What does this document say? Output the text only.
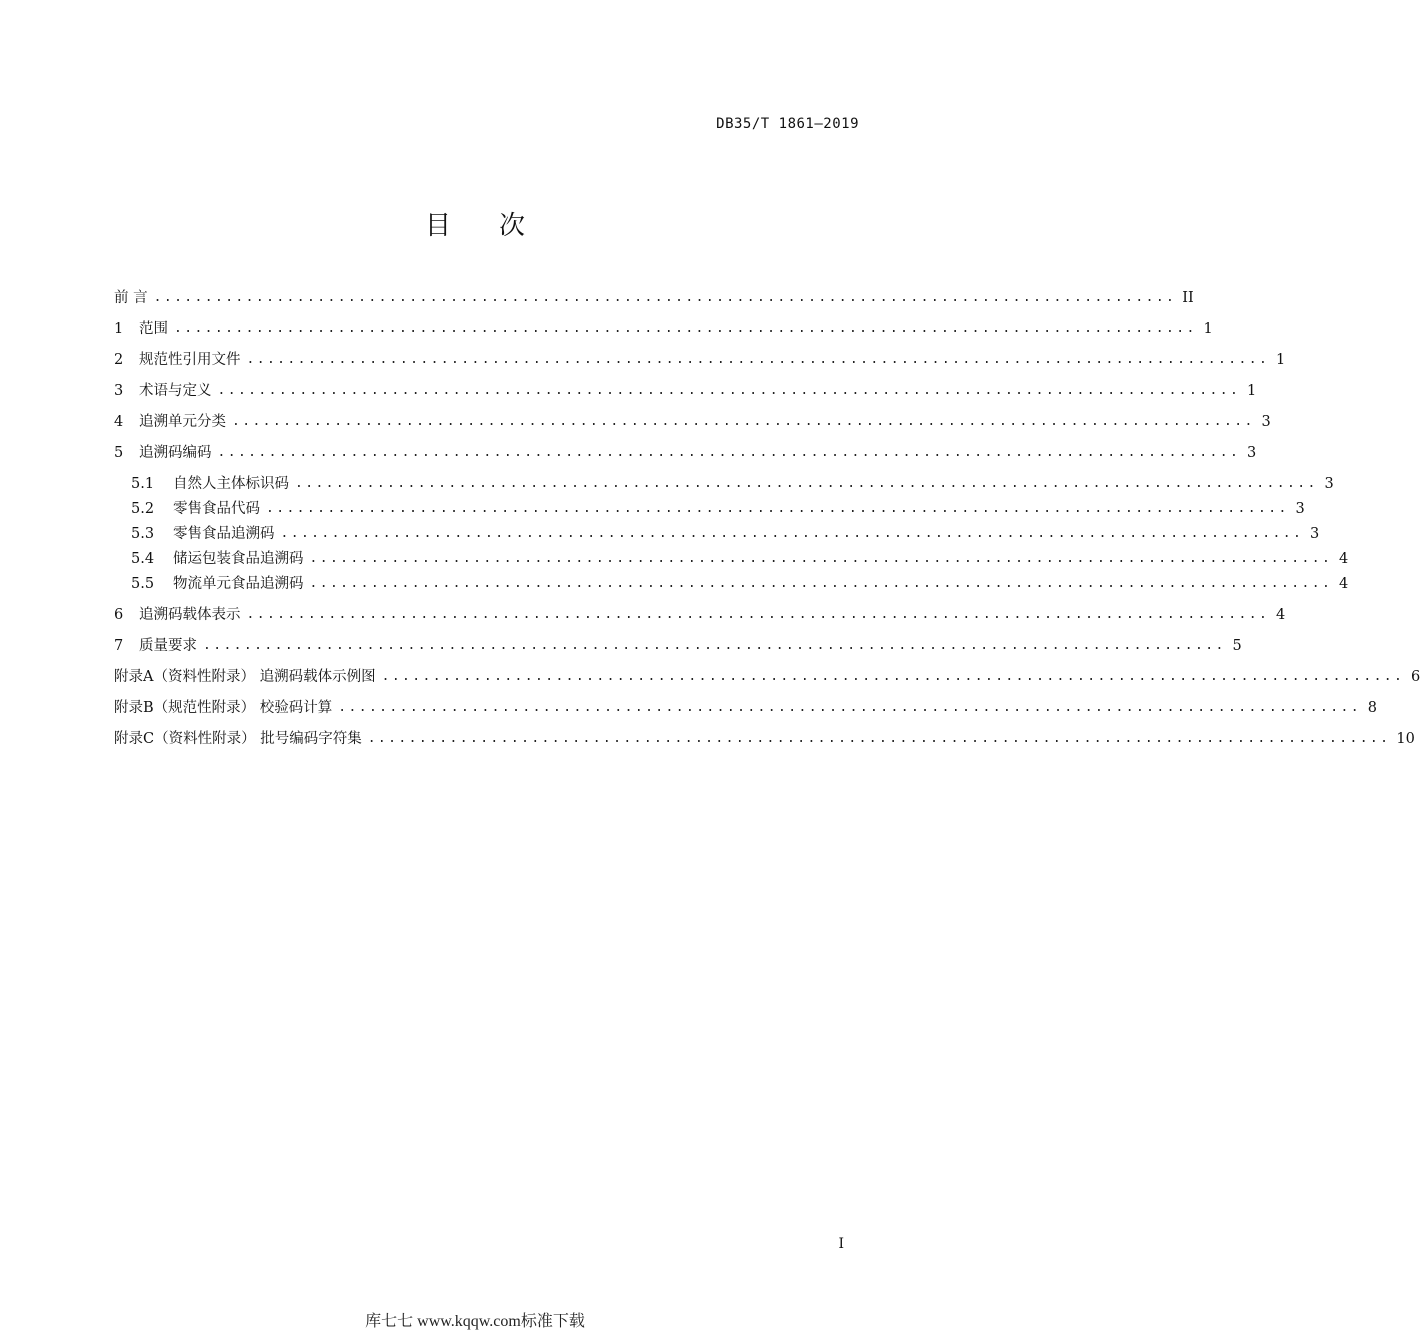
DB35/T 1861—2019
目 次
前 言 .................................................................................................... II
1	范围 .................................................................................................... 1
2	规范性引用文件 .................................................................................................... 1
3	术语与定义 .................................................................................................... 1
4	追溯单元分类 .................................................................................................... 3
5	追溯码编码 .................................................................................................... 3
5.1	自然人主体标识码 .................................................................................................... 3
5.2	零售食品代码 .................................................................................................... 3
5.3	零售食品追溯码 .................................................................................................... 3
5.4	储运包装食品追溯码 .................................................................................................... 4
5.5	物流单元食品追溯码 .................................................................................................... 4
6	追溯码载体表示 .................................................................................................... 4
7	质量要求 .................................................................................................... 5
附录A（资料性附录） 追溯码载体示例图 .................................................................................................... 6
附录B（规范性附录） 校验码计算 .................................................................................................... 8
附录C（资料性附录） 批号编码字符集 .................................................................................................... 10
I
库七七 www.kqqw.com标准下载
